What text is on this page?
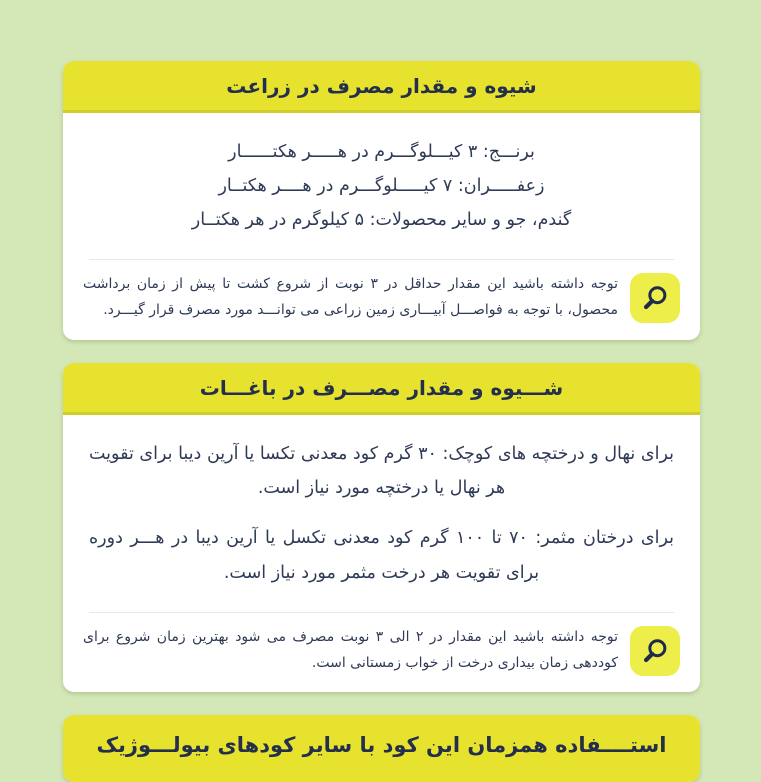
شیوه و مقدار مصرف در زراعت
برنـــج: ۳ کیـــلوگـــرم در هـــــر هکتــــــار
زعفـــــران: ۷ کیـــــلوگـــرم در هــــر هکتــار
گندم، جو و سایر محصولات: ۵ کیلوگرم در هر هکتــار
توجه داشته باشید این مقدار حداقل در ۳ نوبت از شروع کشت تا پیش از زمان برداشت محصول، با توجه به فواصـــل آبیـــاری زمین زراعی می توانـــد مورد مصرف قرار گیـــرد.
شـــیوه و مقدار مصـــرف در باغـــات

برای نهال و درختچه های کوچک: ۳۰ گرم کود معدنی تکسا یا آرین دیبا برای تقویت هر نهال یا درختچه مورد نیاز است.

برای درختان مثمر: ۷۰ تا ۱۰۰ گرم کود معدنی تکسل یا آرین دیبا در هـــر دوره برای تقویت هر درخت مثمر مورد نیاز است.

توجه داشته باشید این مقدار در ۲ الی ۳ نوبت مصرف می شود بهترین زمان شروع برای کوددهی زمان بیداری درخت از خواب زمستانی است.
استــــفاده همزمان این کود با سایر کودهای بیولـــوژیک
